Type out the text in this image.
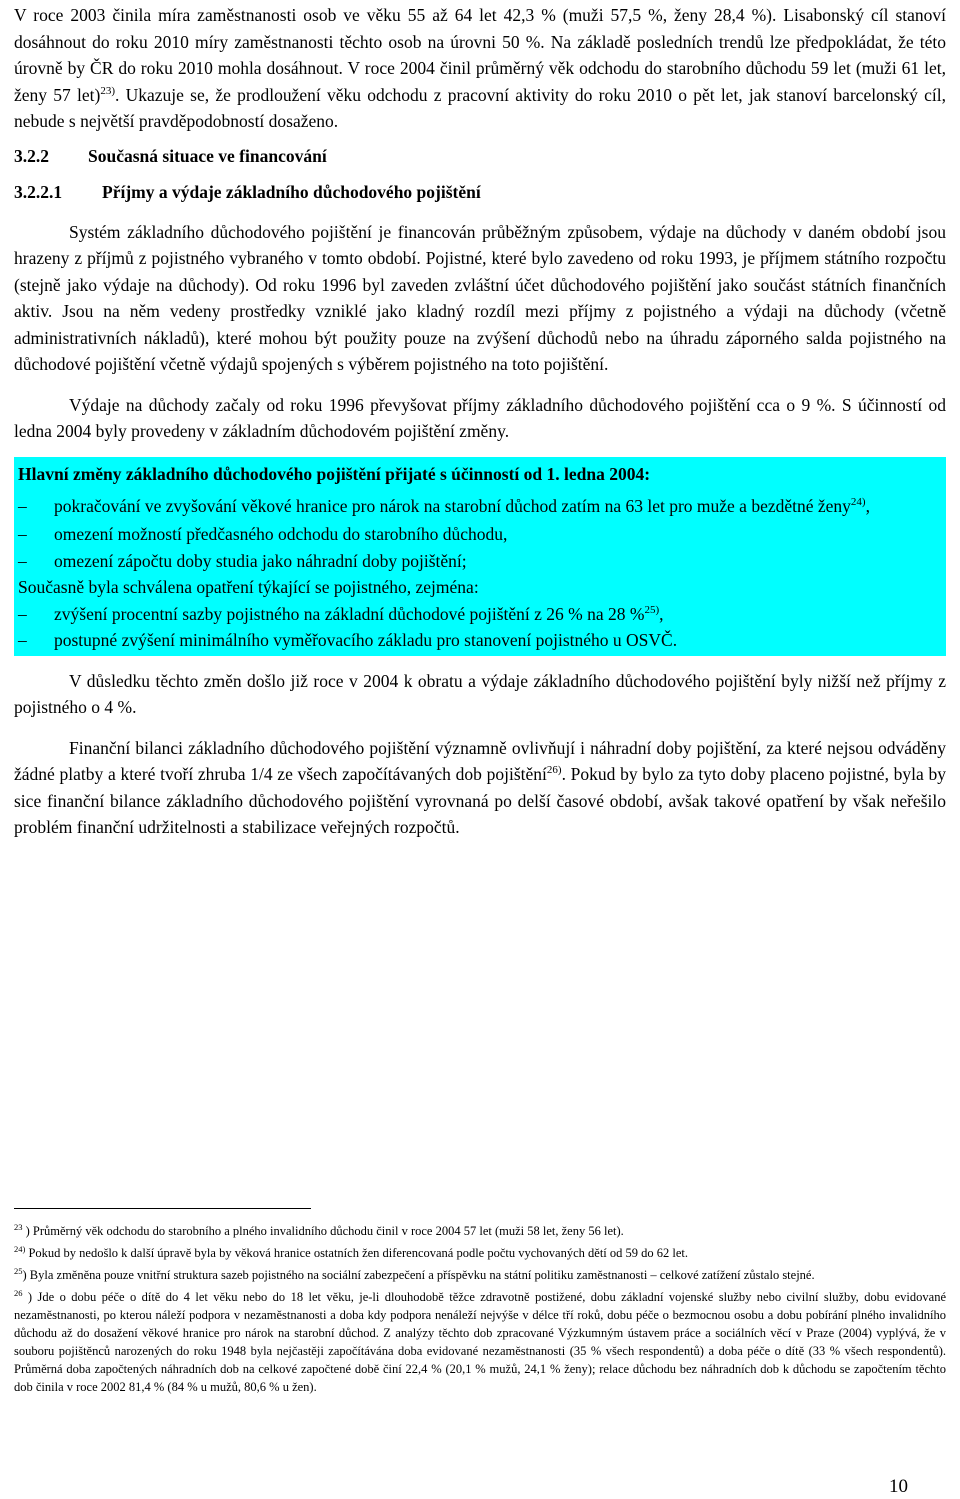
V roce 2003 činila míra zaměstnanosti osob ve věku 55 až 64 let 42,3 % (muži 57,5 %, ženy 28,4 %). Lisabonský cíl stanoví dosáhnout do roku 2010 míry zaměstnanosti těchto osob na úrovni 50 %. Na základě posledních trendů lze předpokládat, že této úrovně by ČR do roku 2010 mohla dosáhnout. V roce 2004 činil průměrný věk odchodu do starobního důchodu 59 let (muži 61 let, ženy 57 let)$^{23)}$. Ukazuje se, že prodloužení věku odchodu z pracovní aktivity do roku 2010 o pět let, jak stanoví barcelonský cíl, nebude s největší pravděpodobností dosaženo.

3.2.2 Současná situace ve financování
3.2.2.1 Příjmy a výdaje základního důchodového pojištění

Systém základního důchodového pojištění je financován průběžným způsobem, výdaje na důchody v daném období jsou hrazeny z příjmů z pojistného vybraného v tomto období. Pojistné, které bylo zavedeno od roku 1993, je příjmem státního rozpočtu (stejně jako výdaje na důchody). Od roku 1996 byl zaveden zvláštní účet důchodového pojištění jako součást státních finančních aktiv. Jsou na něm vedeny prostředky vzniklé jako kladný rozdíl mezi příjmy z pojistného a výdaji na důchody (včetně administrativních nákladů), které mohou být použity pouze na zvýšení důchodů nebo na úhradu záporného salda pojistného na důchodové pojištění včetně výdajů spojených s výběrem pojistného na toto pojištění.

Výdaje na důchody začaly od roku 1996 převyšovat příjmy základního důchodového pojištění cca o 9 %. S účinností od ledna 2004 byly provedeny v základním důchodovém pojištění změny.

Hlavní změny základního důchodového pojištění přijaté s účinností od 1. ledna 2004:

– pokračování ve zvyšování věkové hranice pro nárok na starobní důchod zatím na 63 let pro muže a bezdětné ženy$^{24)}$,
– omezení možností předčasného odchodu do starobního důchodu,
– omezení zápočtu doby studia jako náhradní doby pojištění;

Současně byla schválena opatření týkající se pojistného, zejména:

– zvýšení procentní sazby pojistného na základní důchodové pojištění z 26 % na 28 %$^{25)}$,
– postupné zvýšení minimálního vyměřovacího základu pro stanovení pojistného u OSVČ.

V důsledku těchto změn došlo již roce v 2004 k obratu a výdaje základního důchodového pojištění byly nižší než příjmy z pojistného o 4 %.

Finanční bilanci základního důchodového pojištění významně ovlivňují i náhradní doby pojištění, za které nejsou odváděny žádné platby a které tvoří zhruba 1/4 ze všech započítávaných dob pojištění$^{26)}$. Pokud by bylo za tyto doby placeno pojistné, byla by sice finanční bilance základního důchodového pojištění vyrovnaná po delší časové období, avšak takové opatření by však neřešilo problém finanční udržitelnosti a stabilizace veřejných rozpočtů.

$^{23}$ ) Průměrný věk odchodu do starobního a plného invalidního důchodu činil v roce 2004 57 let (muži 58 let, ženy 56 let).

$^{24)}$ Pokud by nedošlo k další úpravě byla by věková hranice ostatních žen diferencovaná podle počtu vychovaných dětí od 59 do 62 let.

$^{25}$) Byla změněna pouze vnitřní struktura sazeb pojistného na sociální zabezpečení a příspěvku na státní politiku zaměstnanosti – celkové zatížení zůstalo stejné.

$^{26}$ ) Jde o dobu péče o dítě do 4 let věku nebo do 18 let věku, je-li dlouhodobě těžce zdravotně postižené, dobu základní vojenské služby nebo civilní služby, dobu evidované nezaměstnanosti, po kterou náleží podpora v nezaměstnanosti a doba kdy podpora nenáleží nejvýše v délce tří roků, dobu péče o bezmocnou osobu a dobu pobírání plného invalidního důchodu až do dosažení věkové hranice pro nárok na starobní důchod. Z analýzy těchto dob zpracované Výzkumným ústavem práce a sociálních věcí v Praze (2004) vyplývá, že v souboru pojištěnců narozených do roku 1948 byla nejčastěji započítávána doba evidované nezaměstnanosti (35 % všech respondentů) a doba péče o dítě (33 % všech respondentů). Průměrná doba započtených náhradních dob na celkové započtené době činí 22,4 % (20,1 % mužů, 24,1 % ženy); relace důchodu bez náhradních dob k důchodu se započtením těchto dob činila v roce 2002 81,4 % (84 % u mužů, 80,6 % u žen).

10
